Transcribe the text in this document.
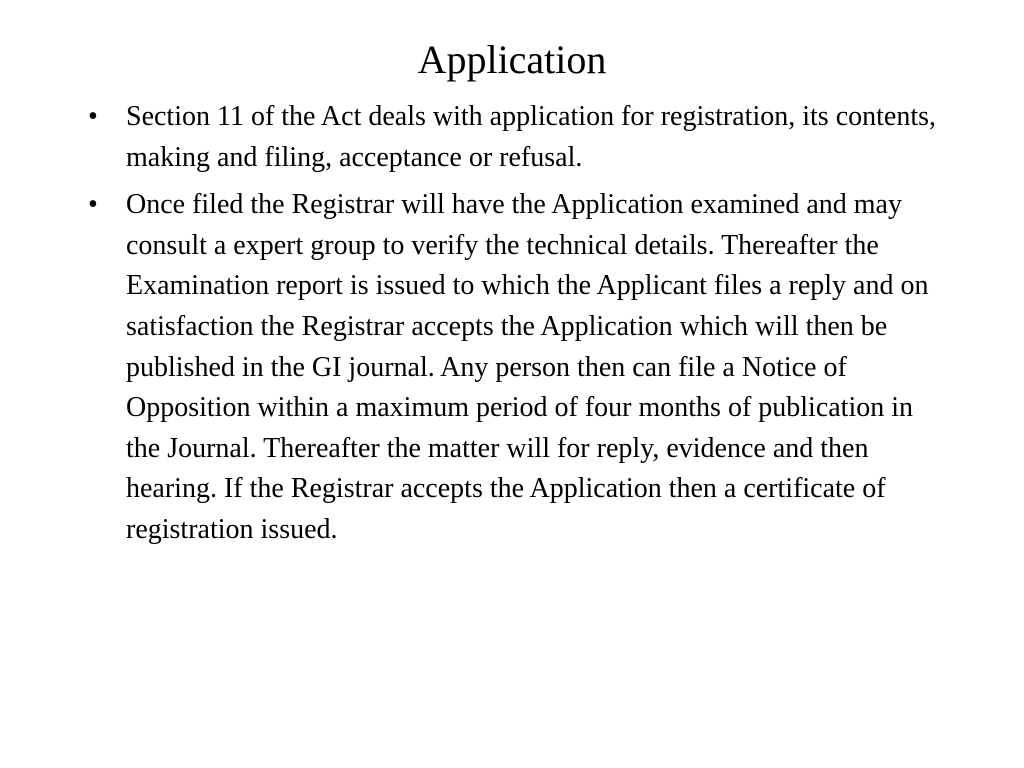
Application
• Section 11 of the Act deals with application for registration, its contents, making and filing, acceptance or refusal.
• Once filed the Registrar will have the Application examined and may consult a expert group to verify the technical details. Thereafter the Examination report is issued to which the Applicant files a reply and on satisfaction the Registrar accepts the Application which will then be published in the GI journal. Any person then can file a Notice of Opposition within a maximum period of four months of publication in the Journal. Thereafter the matter will for reply, evidence and then hearing. If the Registrar accepts the Application then a certificate of registration issued.
